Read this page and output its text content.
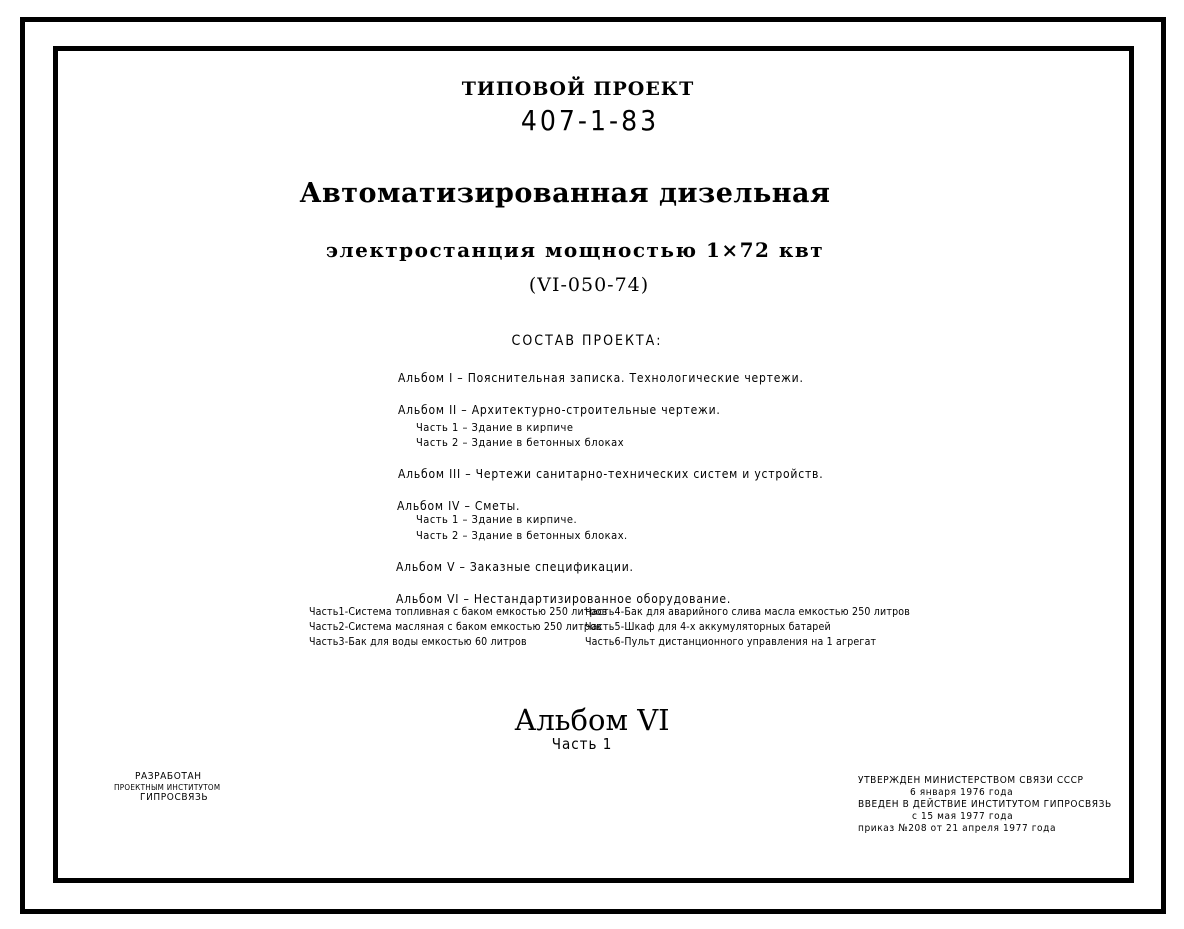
ТИПОВОЙ ПРОЕКТ
407-1-83
Автоматизированная дизельная
электростанция мощностью 1×72 квт
(VI-050-74)
СОСТАВ ПРОЕКТА:
Альбом I – Пояснительная записка. Технологические чертежи.
Альбом II – Архитектурно-строительные чертежи.
Часть 1 – Здание в кирпиче
Часть 2 – Здание в бетонных блоках
Альбом III – Чертежи санитарно-технических систем и устройств.
Альбом IV – Сметы.
Часть 1 – Здание в кирпиче.
Часть 2 – Здание в бетонных блоках.
Альбом V – Заказные спецификации.
Альбом VI – Нестандартизированное оборудование.
Часть1-Система топливная с баком емкостью 250 литров
Часть2-Система масляная с баком емкостью 250 литров
Часть3-Бак для воды емкостью 60 литров
Часть4-Бак для аварийного слива масла емкостью 250 литров
Часть5-Шкаф для 4-х аккумуляторных батарей
Часть6-Пульт дистанционного управления на 1 агрегат
Альбом VI
Часть 1
РАЗРАБОТАН
ПРОЕКТНЫМ ИНСТИТУТОМ
ГИПРОСВЯЗЬ
УТВЕРЖДЕН МИНИСТЕРСТВОМ СВЯЗИ СССР
6 января 1976 года
ВВЕДЕН В ДЕЙСТВИЕ ИНСТИТУТОМ ГИПРОСВЯЗЬ
с 15 мая 1977 года
приказ №208 от 21 апреля 1977 года
